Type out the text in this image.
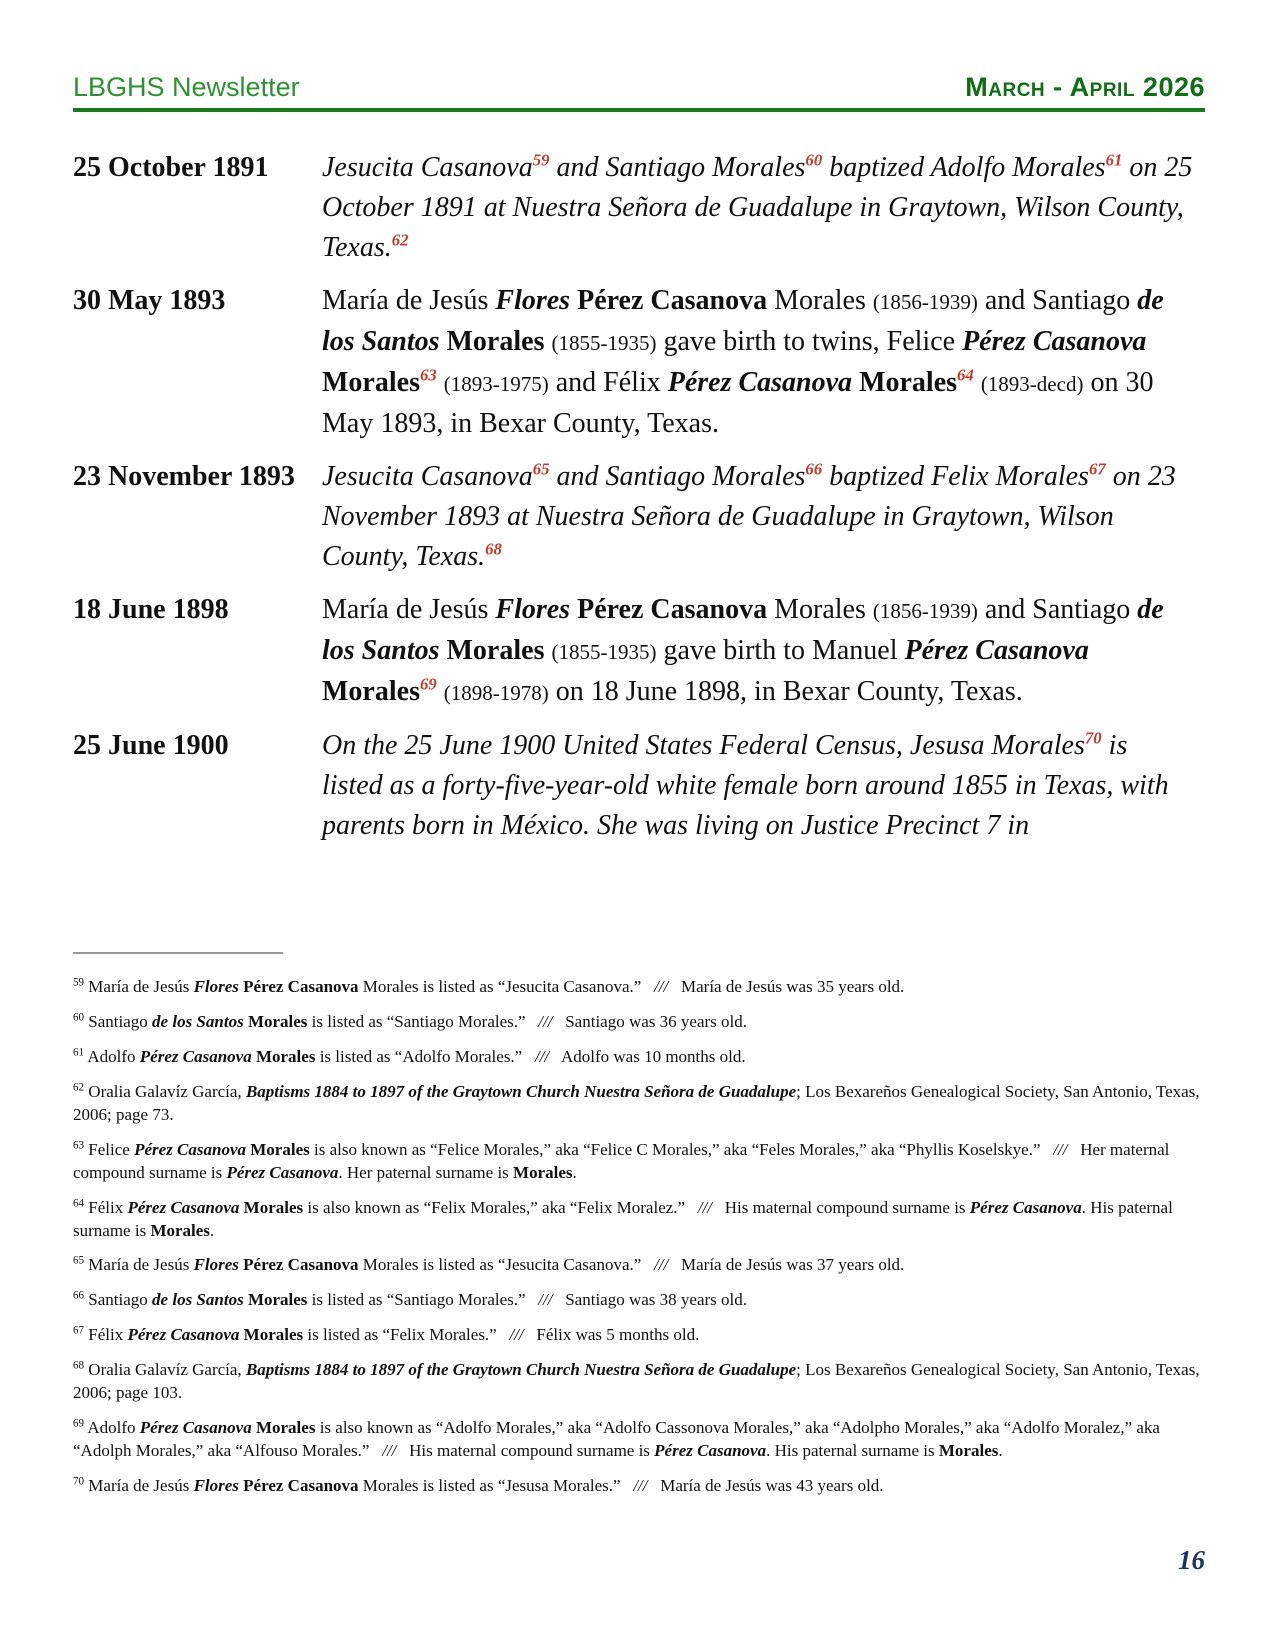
LBGHS Newsletter	March - April 2026
25 October 1891	Jesucita Casanova$^{59}$ and Santiago Morales$^{60}$ baptized Adolfo Morales$^{61}$ on 25 October 1891 at Nuestra Señora de Guadalupe in Graytown, Wilson County, Texas.$^{62}$
30 May 1893	María de Jesús Flores Pérez Casanova Morales (1856-1939) and Santiago de los Santos Morales (1855-1935) gave birth to twins, Felice Pérez Casanova Morales$^{63}$ (1893-1975) and Félix Pérez Casanova Morales$^{64}$ (1893-decd) on 30 May 1893, in Bexar County, Texas.
23 November 1893 Jesucita Casanova$^{65}$ and Santiago Morales$^{66}$ baptized Felix Morales$^{67}$ on 23 November 1893 at Nuestra Señora de Guadalupe in Graytown, Wilson County, Texas.$^{68}$
18 June 1898	María de Jesús Flores Pérez Casanova Morales (1856-1939) and Santiago de los Santos Morales (1855-1935) gave birth to Manuel Pérez Casanova Morales$^{69}$ (1898-1978) on 18 June 1898, in Bexar County, Texas.
25 June 1900	On the 25 June 1900 United States Federal Census, Jesusa Morales$^{70}$ is listed as a forty-five-year-old white female born around 1855 in Texas, with parents born in México. She was living on Justice Precinct 7 in

$^{59}$ María de Jesús Flores Pérez Casanova Morales is listed as “Jesucita Casanova.”   ///   María de Jesús was 35 years old.

$^{60}$ Santiago de los Santos Morales is listed as “Santiago Morales.”   ///   Santiago was 36 years old.

$^{61}$ Adolfo Pérez Casanova Morales is listed as “Adolfo Morales.”   ///   Adolfo was 10 months old.

$^{62}$ Oralia Galavíz García, Baptisms 1884 to 1897 of the Graytown Church Nuestra Señora de Guadalupe; Los Bexareños Genealogical Society, San Antonio, Texas, 2006; page 73.

$^{63}$ Felice Pérez Casanova Morales is also known as “Felice Morales,” aka “Felice C Morales,” aka “Feles Morales,” aka “Phyllis Koselskye.”   ///   Her maternal compound surname is Pérez Casanova. Her paternal surname is Morales.

$^{64}$ Félix Pérez Casanova Morales is also known as “Felix Morales,” aka “Felix Moralez.”   ///   His maternal compound surname is Pérez Casanova. His paternal surname is Morales.

$^{65}$ María de Jesús Flores Pérez Casanova Morales is listed as “Jesucita Casanova.”   ///   María de Jesús was 37 years old.

$^{66}$ Santiago de los Santos Morales is listed as “Santiago Morales.”   ///   Santiago was 38 years old.

$^{67}$ Félix Pérez Casanova Morales is listed as “Felix Morales.”   ///   Félix was 5 months old.

$^{68}$ Oralia Galavíz García, Baptisms 1884 to 1897 of the Graytown Church Nuestra Señora de Guadalupe; Los Bexareños Genealogical Society, San Antonio, Texas, 2006; page 103.

$^{69}$ Adolfo Pérez Casanova Morales is also known as “Adolfo Morales,” aka “Adolfo Cassonova Morales,” aka “Adolpho Morales,” aka “Adolfo Moralez,” aka “Adolph Morales,” aka “Alfouso Morales.”   ///   His maternal compound surname is Pérez Casanova. His paternal surname is Morales.

$^{70}$ María de Jesús Flores Pérez Casanova Morales is listed as “Jesusa Morales.”   ///   María de Jesús was 43 years old.

16
